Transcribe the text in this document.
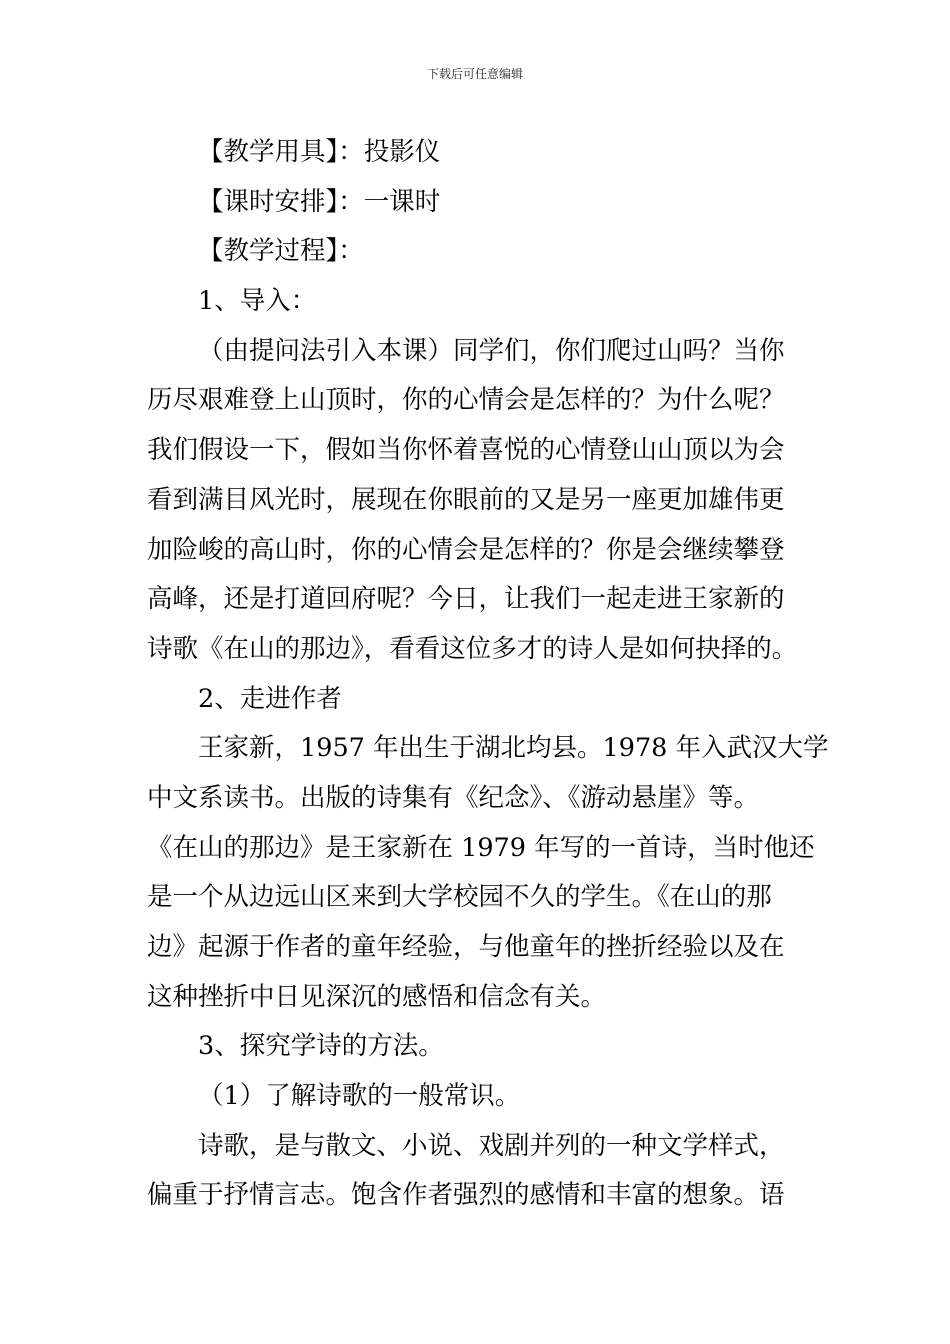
下载后可任意编辑
【教学用具】：投影仪
【课时安排】：一课时
【教学过程】：
1、导入：
（由提问法引入本课）同学们，你们爬过山吗？当你
历尽艰难登上山顶时，你的心情会是怎样的？为什么呢？
我们假设一下，假如当你怀着喜悦的心情登山山顶以为会
看到满目风光时，展现在你眼前的又是另一座更加雄伟更
加险峻的高山时，你的心情会是怎样的？你是会继续攀登
高峰，还是打道回府呢？今日，让我们一起走进王家新的
诗歌《在山的那边》，看看这位多才的诗人是如何抉择的。
2、走进作者
王家新，1957 年出生于湖北均县。1978 年入武汉大学
中文系读书。出版的诗集有《纪念》、《游动悬崖》等。
《在山的那边》是王家新在 1979 年写的一首诗，当时他还
是一个从边远山区来到大学校园不久的学生。《在山的那
边》起源于作者的童年经验，与他童年的挫折经验以及在
这种挫折中日见深沉的感悟和信念有关。
3、探究学诗的方法。
（1）了解诗歌的一般常识。
诗歌，是与散文、小说、戏剧并列的一种文学样式，
偏重于抒情言志。饱含作者强烈的感情和丰富的想象。语
